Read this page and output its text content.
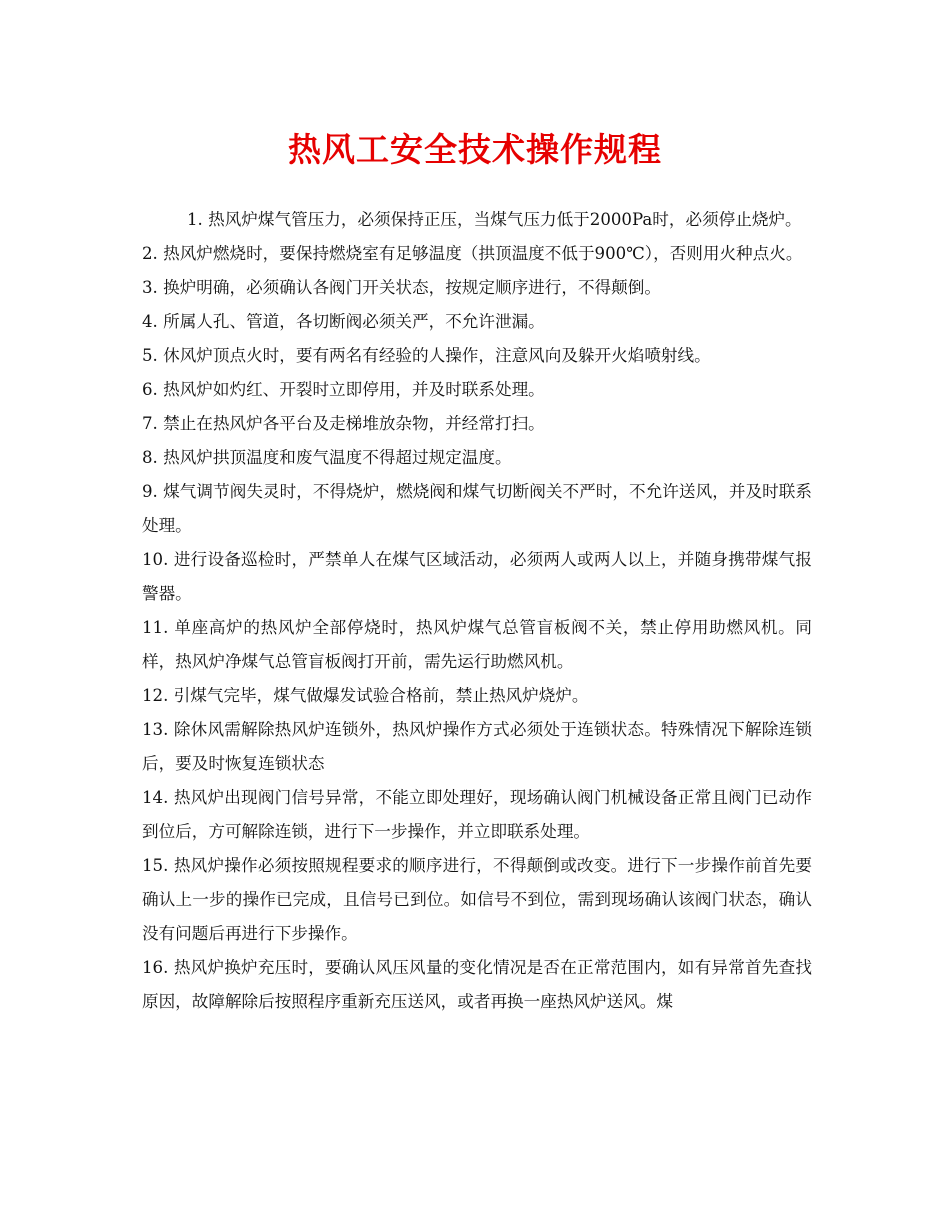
热风工安全技术操作规程

1. 热风炉煤气管压力，必须保持正压，当煤气压力低于2000Pa时，必须停止烧炉。

2. 热风炉燃烧时，要保持燃烧室有足够温度（拱顶温度不低于900℃），否则用火种点火。

3. 换炉明确，必须确认各阀门开关状态，按规定顺序进行，不得颠倒。

4. 所属人孔、管道，各切断阀必须关严，不允许泄漏。

5. 休风炉顶点火时，要有两名有经验的人操作，注意风向及躲开火焰喷射线。

6. 热风炉如灼红、开裂时立即停用，并及时联系处理。

7. 禁止在热风炉各平台及走梯堆放杂物，并经常打扫。

8. 热风炉拱顶温度和废气温度不得超过规定温度。

9. 煤气调节阀失灵时，不得烧炉，燃烧阀和煤气切断阀关不严时，不允许送风，并及时联系处理。

10. 进行设备巡检时，严禁单人在煤气区域活动，必须两人或两人以上，并随身携带煤气报警器。

11. 单座高炉的热风炉全部停烧时，热风炉煤气总管盲板阀不关，禁止停用助燃风机。同样，热风炉净煤气总管盲板阀打开前，需先运行助燃风机。

12. 引煤气完毕，煤气做爆发试验合格前，禁止热风炉烧炉。

13. 除休风需解除热风炉连锁外，热风炉操作方式必须处于连锁状态。特殊情况下解除连锁后，要及时恢复连锁状态

14. 热风炉出现阀门信号异常，不能立即处理好，现场确认阀门机械设备正常且阀门已动作到位后，方可解除连锁，进行下一步操作，并立即联系处理。

15. 热风炉操作必须按照规程要求的顺序进行，不得颠倒或改变。进行下一步操作前首先要确认上一步的操作已完成，且信号已到位。如信号不到位，需到现场确认该阀门状态，确认没有问题后再进行下步操作。

16. 热风炉换炉充压时，要确认风压风量的变化情况是否在正常范围内，如有异常首先查找原因，故障解除后按照程序重新充压送风，或者再换一座热风炉送风。煤
